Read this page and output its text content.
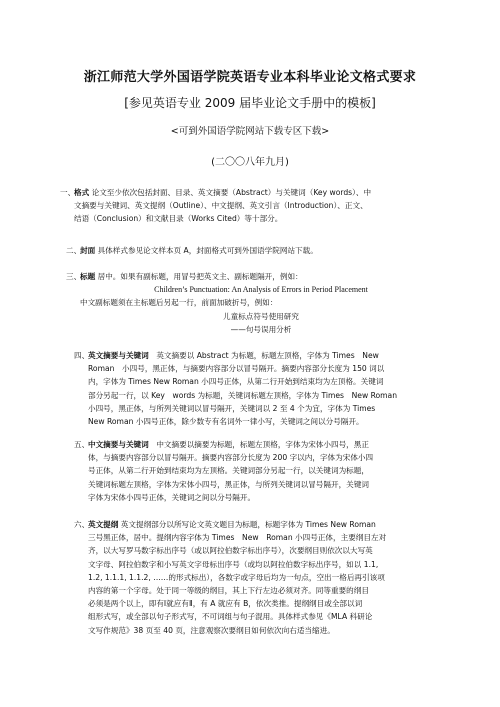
浙江师范大学外国语学院英语专业本科毕业论文格式要求
[参见英语专业 2009 届毕业论文手册中的模板]
<可到外国语学院网站下载专区下载>
(二〇〇八年九月)
一、格式 论文至少依次包括封面、目录、英文摘要（Abstract）与关键词（Key words）、中
文摘要与关键词、英文提纲（Outline）、中文提纲、英文引言（Introduction）、正文、
结语（Conclusion）和文献目录（Works Cited）等十部分。
二、封面 具体样式参见论文样本页 A，封面格式可到外国语学院网站下载。
三、标题 居中。如果有副标题，用冒号把英文主、副标题隔开，例如：
Children’s Punctuation: An Analysis of Errors in Period Placement
中文副标题须在主标题后另起一行，前面加破折号，例如：
儿童标点符号使用研究
——句号误用分析
四、英文摘要与关键词　 英文摘要以 Abstract 为标题，标题左顶格，字体为 Times　New
Roman　小四号，黑正体，与摘要内容部分以冒号隔开。摘要内容部分长度为 150 词以
内，字体为 Times New Roman 小四号正体，从第二行开始到结束均为左顶格。关键词
部分另起一行，以 Key　words 为标题，关键词标题左顶格，字体为 Times　New Roman
小四号，黑正体，与所列关键词以冒号隔开，关键词以 2 至 4 个为宜，字体为 Times
New Roman 小四号正体，除少数专有名词外一律小写，关键词之间以分号隔开。
五、中文摘要与关键词　 中文摘要以摘要为标题，标题左顶格，字体为宋体小四号，黑正
体，与摘要内容部分以冒号隔开。摘要内容部分长度为 200 字以内，字体为宋体小四
号正体，从第二行开始到结束均为左顶格。关键词部分另起一行，以关键词为标题，
关键词标题左顶格，字体为宋体小四号，黑正体，与所列关键词以冒号隔开，关键词
字体为宋体小四号正体，关键词之间以分号隔开。
六、英文提纲 英文提纲部分以所写论文英文题目为标题，标题字体为 Times New Roman
三号黑正体，居中。提纲内容字体为 Times　New　Roman 小四号正体，主要纲目左对
齐，以大写罗马数字标出序号（或以阿拉伯数字标出序号），次要纲目则依次以大写英
文字母、阿拉伯数字和小写英文字母标出序号（或均以阿拉伯数字标出序号，如以 1.1,
1.2, 1.1.1, 1.1.2, ……的形式标出），各数字或字母后均为一句点，空出一格后再引该项
内容的第一个字母。处于同一等级的纲目，其上下行左边必须对齐。同等重要的纲目
必须是两个以上，即有Ⅰ就应有Ⅱ，有 A 就应有 B，依次类推。提纲纲目或全部以词
组形式写，或全部以句子形式写，不可词组与句子混用。具体样式参见《MLA 科研论
文写作规范》38 页至 40 页，注意观察次要纲目如何依次向右适当缩进。
